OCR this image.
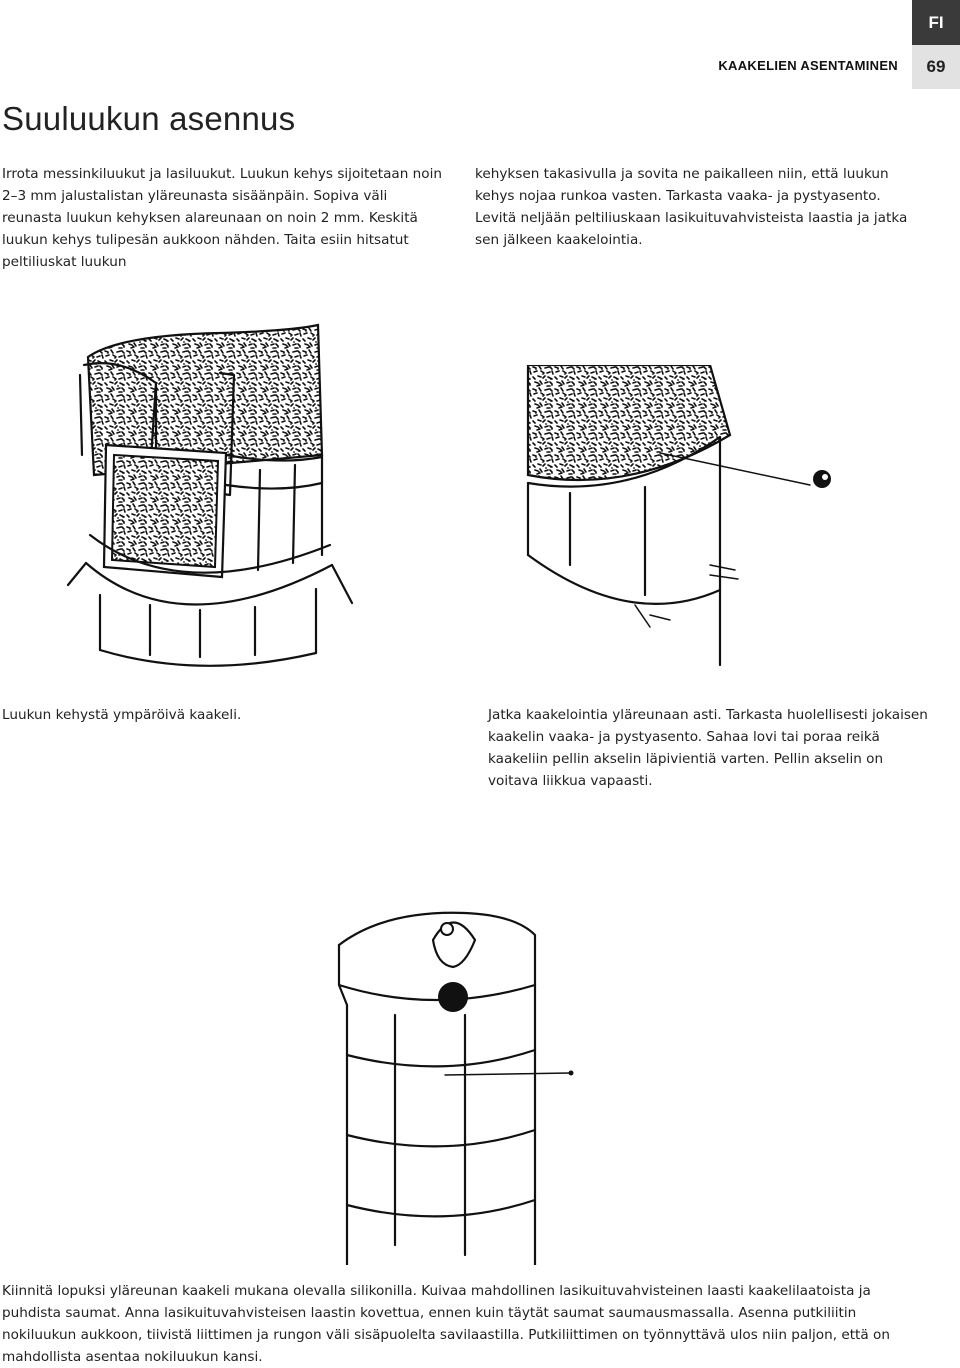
FI
KAAKELIEN ASENTAMINEN	69
Suuluukun asennus
Irrota messinkiluukut ja lasiluukut. Luukun kehys sijoitetaan noin 2–3 mm jalustalistan yläreunasta sisäänpäin. Sopiva väli reunasta luukun kehyksen alareunaan on noin 2 mm. Keskitä luukun kehys tulipesän aukkoon nähden. Taita esiin hitsatut peltiliuskat luukun
kehyksen takasivulla ja sovita ne paikalleen niin, että luukun kehys nojaa runkoa vasten. Tarkasta vaaka- ja pystyasento. Levitä neljään peltiliuskaan lasikuituvahvisteista laastia ja jatka sen jälkeen kaakelointia.
Luukun kehystä ympäröivä kaakeli.	Jatka kaakelointia yläreunaan asti. Tarkasta huolellisesti jokaisen kaakelin vaaka- ja pystyasento. Sahaa lovi tai poraa reikä kaakeliin pellin akselin läpivientiä varten. Pellin akselin on voitava liikkua vapaasti.
Kiinnitä lopuksi yläreunan kaakeli mukana olevalla silikonilla. Kuivaa mahdollinen lasikuituvahvisteinen laasti kaakelilaatoista ja puhdista saumat. Anna lasikuituvahvisteisen laastin kovettua, ennen kuin täytät saumat saumausmassalla. Asenna putkiliitin nokiluukun aukkoon, tiivistä liittimen ja rungon väli sisäpuolelta savilaastilla. Putkiliittimen on työnnyttävä ulos niin paljon, että on mahdollista asentaa nokiluukun kansi.
